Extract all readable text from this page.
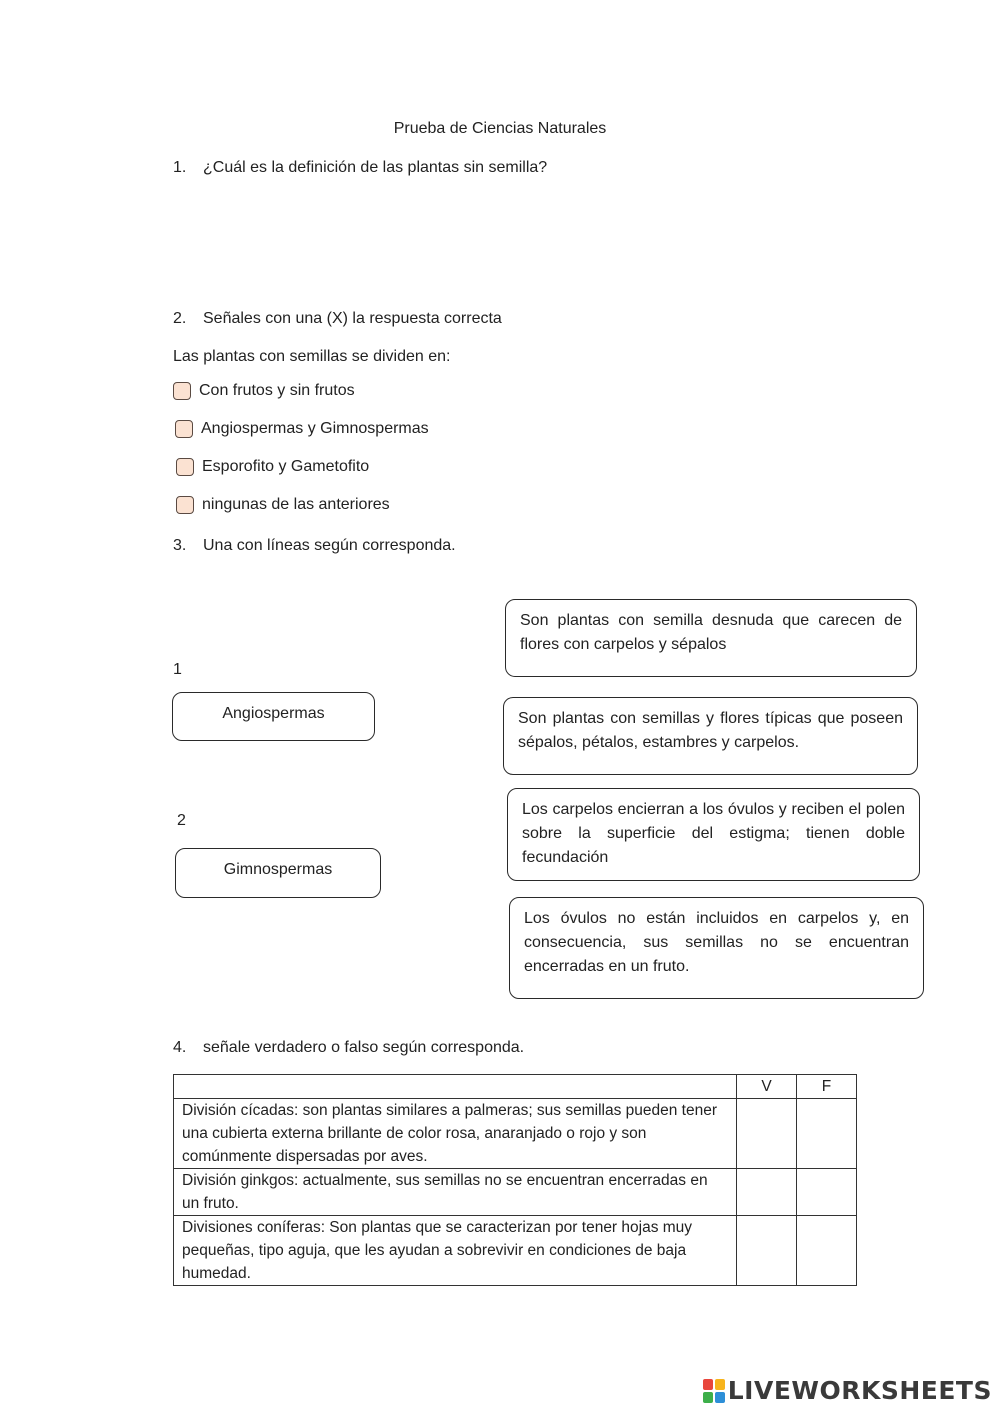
Prueba de Ciencias Naturales
1. ¿Cuál es la definición de las plantas sin semilla?
2. Señales con una (X) la respuesta correcta
Las plantas con semillas se dividen en:
Con frutos y sin frutos
Angiospermas y Gimnospermas
Esporofito y Gametofito
ningunas de las anteriores
3. Una con líneas según corresponda.
1
Angiospermas
2
Gimnospermas
Son plantas con semilla desnuda que carecen de flores con carpelos y sépalos
Son plantas con semillas y flores típicas que poseen sépalos, pétalos, estambres y carpelos.
Los carpelos encierran a los óvulos y reciben el polen sobre la superficie del estigma; tienen doble fecundación
Los óvulos no están incluidos en carpelos y, en consecuencia, sus semillas no se encuentran encerradas en un fruto.
4. señale verdadero o falso según corresponda.
	V	F
División cícadas: son plantas similares a palmeras; sus semillas pueden tener una cubierta externa brillante de color rosa, anaranjado o rojo y son comúnmente dispersadas por aves.		
División ginkgos: actualmente, sus semillas no se encuentran encerradas en un fruto.		
Divisiones coníferas: Son plantas que se caracterizan por tener hojas muy pequeñas, tipo aguja, que les ayudan a sobrevivir en condiciones de baja humedad.		
LIVEWORKSHEETS
